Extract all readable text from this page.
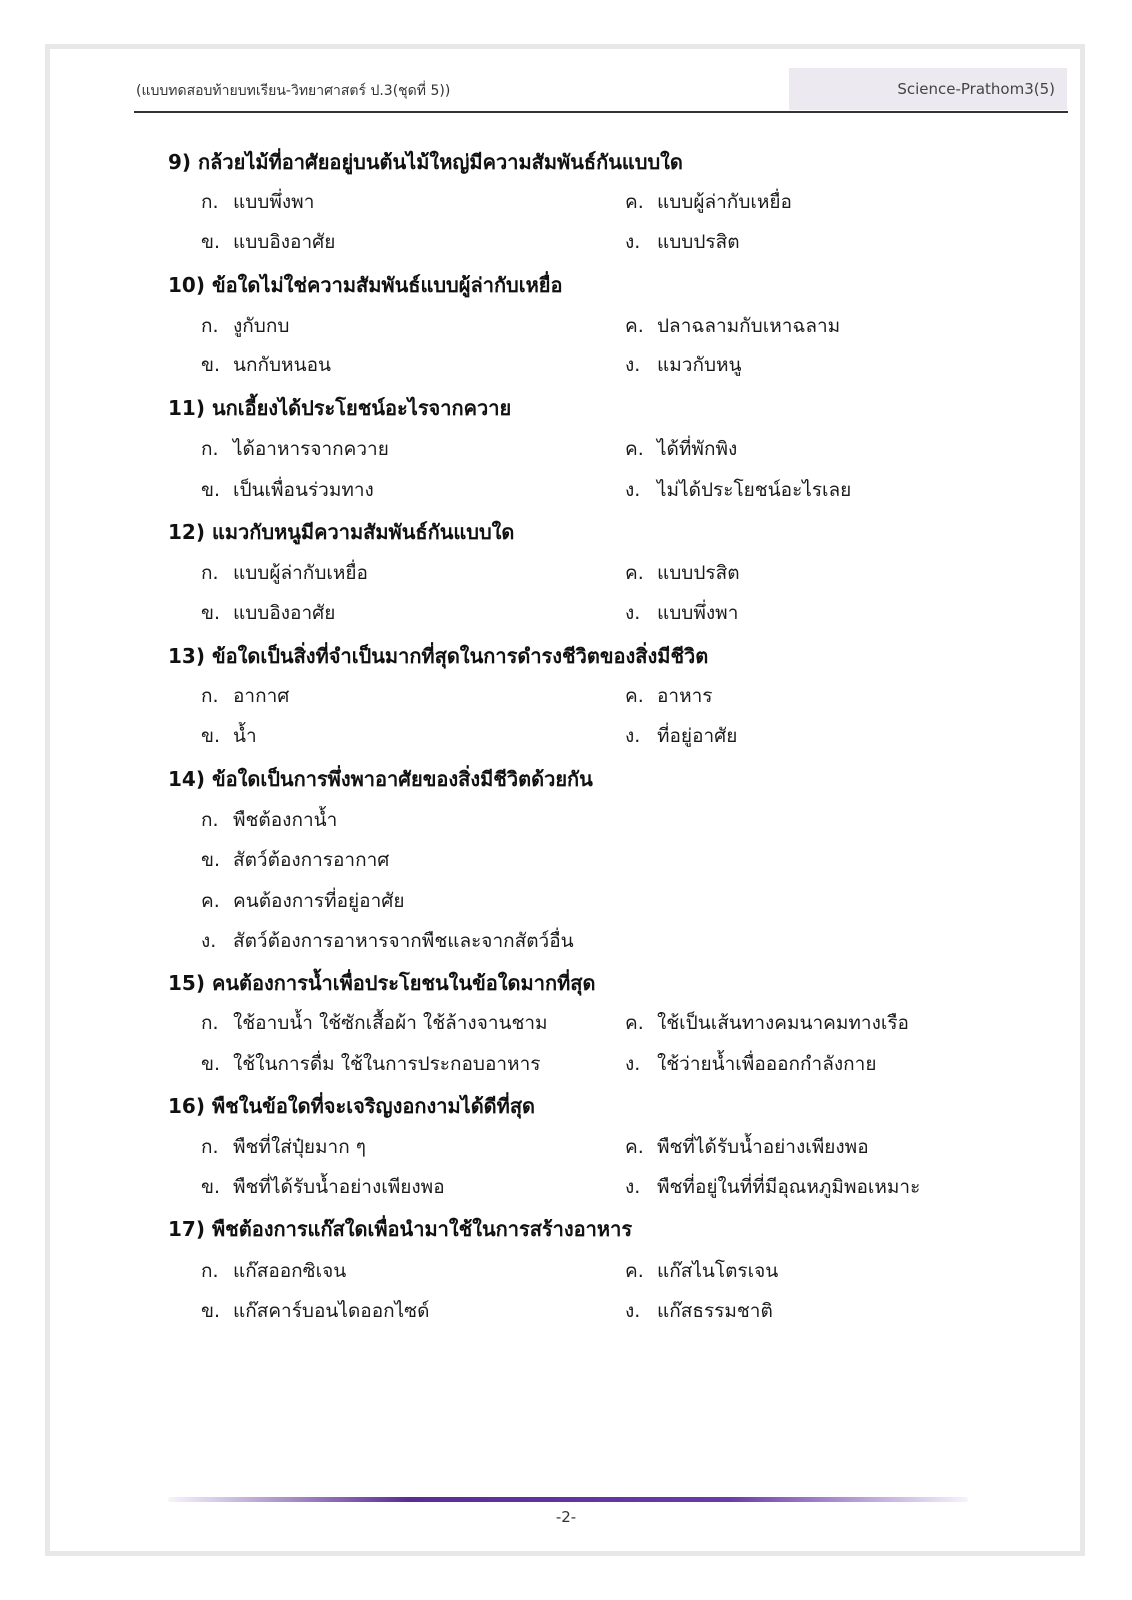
(แบบทดสอบท้ายบทเรียน-วิทยาศาสตร์ ป.3(ชุดที่ 5))	Science-Prathom3(5)
9) กล้วยไม้ที่อาศัยอยู่บนต้นไม้ใหญ่มีความสัมพันธ์กันแบบใด
ก. แบบพึ่งพา	ค. แบบผู้ล่ากับเหยื่อ
ข. แบบอิงอาศัย	ง. แบบปรสิต
10) ข้อใดไม่ใช่ความสัมพันธ์แบบผู้ล่ากับเหยื่อ
ก. งูกับกบ	ค. ปลาฉลามกับเหาฉลาม
ข. นกกับหนอน	ง. แมวกับหนู
11) นกเอี้ยงได้ประโยชน์อะไรจากควาย
ก. ได้อาหารจากควาย	ค. ได้ที่พักพิง
ข. เป็นเพื่อนร่วมทาง	ง. ไม่ได้ประโยชน์อะไรเลย
12) แมวกับหนูมีความสัมพันธ์กันแบบใด
ก. แบบผู้ล่ากับเหยื่อ	ค. แบบปรสิต
ข. แบบอิงอาศัย	ง. แบบพึ่งพา
13) ข้อใดเป็นสิ่งที่จำเป็นมากที่สุดในการดำรงชีวิตของสิ่งมีชีวิต
ก. อากาศ	ค. อาหาร
ข. น้ำ	ง. ที่อยู่อาศัย
14) ข้อใดเป็นการพึ่งพาอาศัยของสิ่งมีชีวิตด้วยกัน
ก. พืชต้องกาน้ำ
ข. สัตว์ต้องการอากาศ
ค. คนต้องการที่อยู่อาศัย
ง. สัตว์ต้องการอาหารจากพืชและจากสัตว์อื่น
15) คนต้องการน้ำเพื่อประโยชนในข้อใดมากที่สุด
ก. ใช้อาบน้ำ ใช้ซักเสื้อผ้า ใช้ล้างจานชาม	ค. ใช้เป็นเส้นทางคมนาคมทางเรือ
ข. ใช้ในการดื่ม ใช้ในการประกอบอาหาร	ง. ใช้ว่ายน้ำเพื่อออกกำลังกาย
16) พืชในข้อใดที่จะเจริญงอกงามได้ดีที่สุด
ก. พืชที่ใส่ปุ๋ยมาก ๆ	ค. พืชที่ได้รับน้ำอย่างเพียงพอ
ข. พืชที่ได้รับน้ำอย่างเพียงพอ	ง. พืชที่อยู่ในที่ที่มีอุณหภูมิพอเหมาะ
17) พืชต้องการแก๊สใดเพื่อนำมาใช้ในการสร้างอาหาร
ก. แก๊สออกซิเจน	ค. แก๊สไนโตรเจน
ข. แก๊สคาร์บอนไดออกไซด์	ง. แก๊สธรรมชาติ
-2-
